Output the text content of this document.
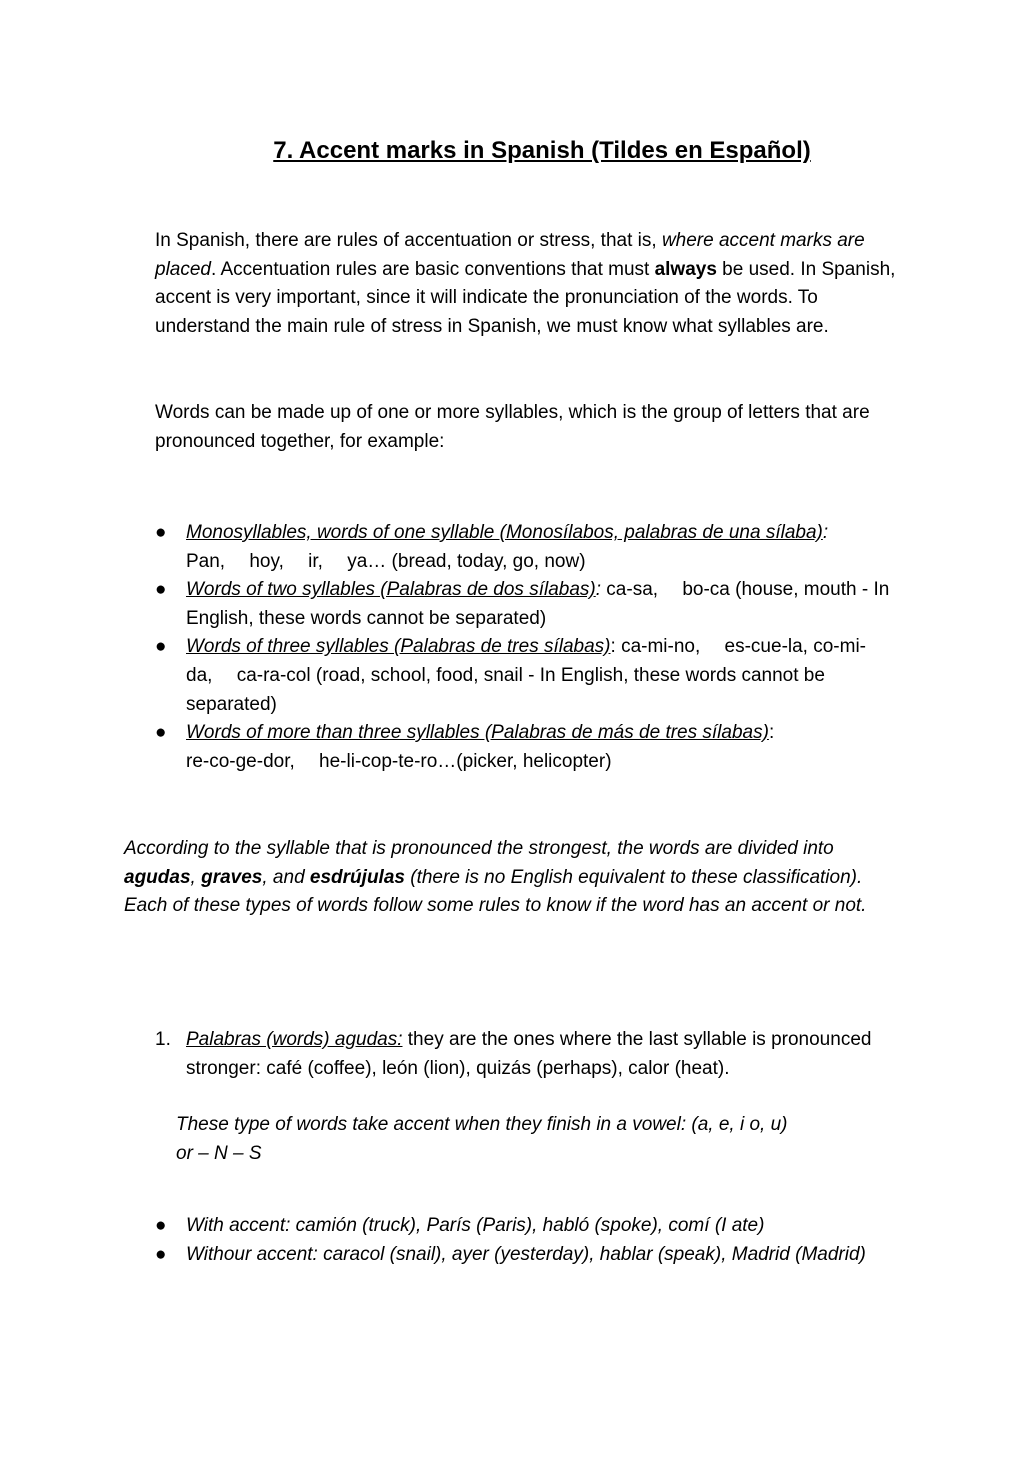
7. Accent marks in Spanish (Tildes en Español)

In Spanish, there are rules of accentuation or stress, that is, where accent marks are placed. Accentuation rules are basic conventions that must always be used. In Spanish, accent is very important, since it will indicate the pronunciation of the words. To understand the main rule of stress in Spanish, we must know what syllables are.

Words can be made up of one or more syllables, which is the group of letters that are pronounced together, for example:

● Monosyllables, words of one syllable (Monosílabos, palabras de una sílaba):
Pan,  hoy,  ir,  ya… (bread, today, go, now)
● Words of two syllables (Palabras de dos sílabas): ca-sa,  bo-ca (house, mouth - In English, these words cannot be separated)
● Words of three syllables (Palabras de tres sílabas): ca-mi-no,  es-cue-la, co-mi-da,  ca-ra-col (road, school, food, snail - In English, these words cannot be separated)
● Words of more than three syllables (Palabras de más de tres sílabas):
re-co-ge-dor,  he-li-cop-te-ro…(picker, helicopter)

According to the syllable that is pronounced the strongest, the words are divided into agudas, graves, and esdrújulas (there is no English equivalent to these classification). Each of these types of words follow some rules to know if the word has an accent or not.

1. Palabras (words) agudas: they are the ones where the last syllable is pronounced stronger: café (coffee), león (lion), quizás (perhaps), calor (heat).

These type of words take accent when they finish in a vowel: (a, e, i o, u)
or – N – S

● With accent: camión (truck), París (Paris), habló (spoke), comí (I ate)
● Withour accent: caracol (snail), ayer (yesterday), hablar (speak), Madrid (Madrid)
